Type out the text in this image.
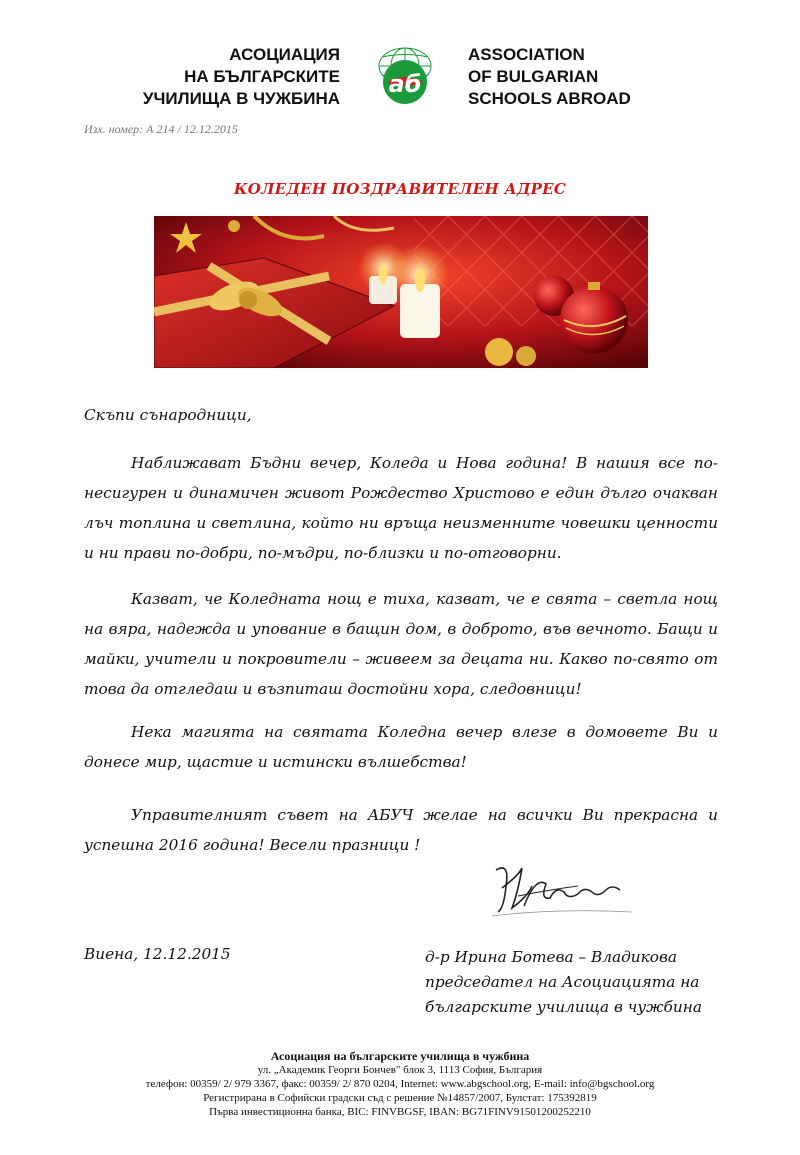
АСОЦИАЦИЯ
НА БЪЛГАРСКИТЕ
УЧИЛИЩА В ЧУЖБИНА
аб
ASSOCIATION
OF BULGARIAN
SCHOOLS ABROAD
Изх. номер: А 214 / 12.12.2015
КОЛЕДЕН ПОЗДРАВИТЕЛЕН АДРЕС
Скъпи сънародници,

Наближават Бъдни вечер, Коледа и Нова година! В нашия все по-несигурен и динамичен живот Рождество Христово е един дълго очакван лъч топлина и светлина, който ни връща неизменните човешки ценности и ни прави по-добри, по-мъдри, по-близки и по-отговорни.

Казват, че Коледната нощ е тиха, казват, че е свята – светла нощ на вяра, надежда и упование в бащин дом, в доброто, във вечното. Бащи и майки, учители и покровители – живеем за децата ни. Какво по-свято от това да отгледаш и възпиташ достойни хора, следовници!

Нека магията на святата Коледна вечер влезе в домовете Ви и донесе мир, щастие и истински вълшебства!

Управителният съвет на АБУЧ желае на всички Ви прекрасна и успешна 2016 година! Весели празници !

Виена, 12.12.2015	д-р Ирина Ботева – Владикова
председател на Асоциацията на
българските училища в чужбина
Асоциация на българските училища в чужбина
ул. „Академик Георги Бончев" блок 3, 1113 София, България
телефон: 00359/ 2/ 979 3367, факс: 00359/ 2/ 870 0204, Internet: www.abgschool.org, E-mail: info@bgschool.org
Регистрирана в Софийски градски съд с решение №14857/2007, Булстат: 175392819
Първа инвестиционна банка, BIC: FINVBGSF, IBAN: BG71FINV91501200252210
